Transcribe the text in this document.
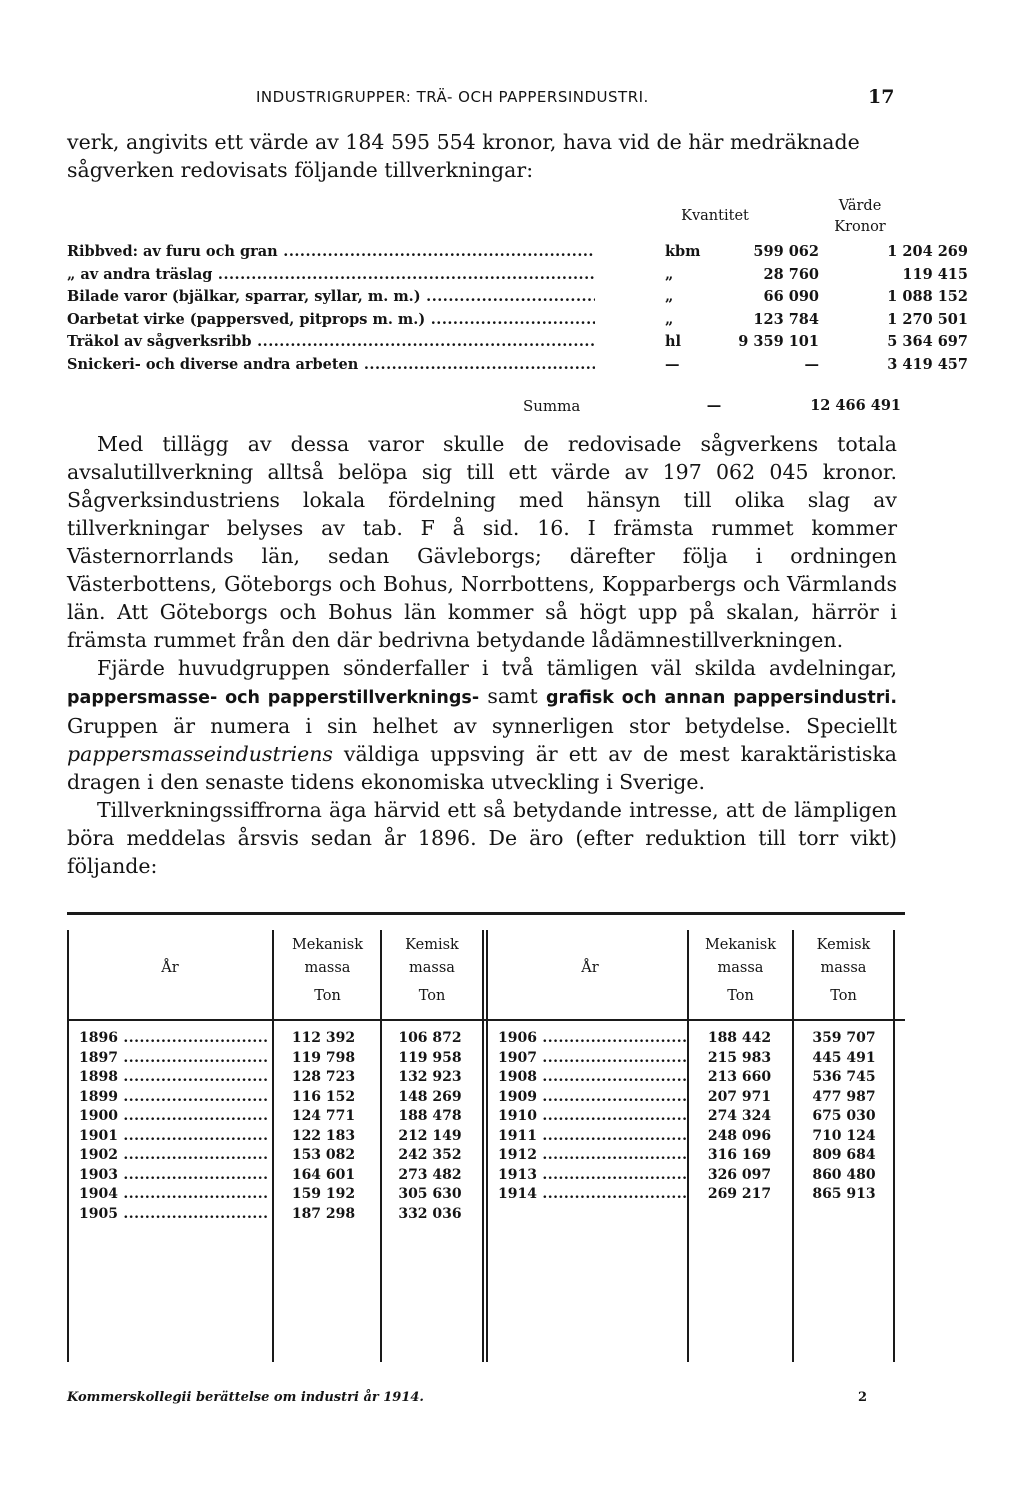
INDUSTRIGRUPPER: TRÄ- OCH PAPPERSINDUSTRI.	17
verk, angivits ett värde av 184 595 554 kronor, hava vid de här medräknade sågverken redovisats följande tillverkningar:
Kvantitet
Värde
Kronor
Ribbved: av furu och gran .....	kbm	599 062	1 204 269
„ av andra träslag .....	„	28 760	119 415
Bilade varor (bjälkar, sparrar, syllar, m. m.) .....	„	66 090	1 088 152
Oarbetat virke (pappersved, pitprops m. m.) .....	„	123 784	1 270 501
Träkol av sågverksribb .....	hl	9 359 101	5 364 697
Snickeri- och diverse andra arbeten .....	—	—	3 419 457
Summa	—	12 466 491

Med tillägg av dessa varor skulle de redovisade sågverkens totala avsalutillverkning alltså belöpa sig till ett värde av 197 062 045 kronor. Sågverksindustriens lokala fördelning med hänsyn till olika slag av tillverkningar belyses av tab. F å sid. 16. I främsta rummet kommer Västernorrlands län, sedan Gävleborgs; därefter följa i ordningen Västerbottens, Göteborgs och Bohus, Norrbottens, Kopparbergs och Värmlands län. Att Göteborgs och Bohus län kommer så högt upp på skalan, härrör i främsta rummet från den där bedrivna betydande lådämnestillverkningen.

Fjärde huvudgruppen sönderfaller i två tämligen väl skilda avdelningar, pappersmasse- och papperstillverknings- samt grafisk och annan pappersindustri. Gruppen är numera i sin helhet av synnerligen stor betydelse. Speciellt pappersmasseindustriens väldiga uppsving är ett av de mest karaktäristiska dragen i den senaste tidens ekonomiska utveckling i Sverige.

Tillverkningssiffrorna äga härvid ett så betydande intresse, att de lämpligen böra meddelas årsvis sedan år 1896. De äro (efter reduktion till torr vikt) följande:

År
Mekanisk
massa
Ton
Kemisk
massa
Ton
År
Mekanisk
massa
Ton
Kemisk
massa
Ton
1896 .....	112 392	106 872
1897 .....	119 798	119 958
1898 .....	128 723	132 923
1899 .....	116 152	148 269
1900 .....	124 771	188 478
1901 .....	122 183	212 149
1902 .....	153 082	242 352
1903 .....	164 601	273 482
1904 .....	159 192	305 630
1905 .....	187 298	332 036
1906 .....	188 442	359 707
1907 .....	215 983	445 491
1908 .....	213 660	536 745
1909 .....	207 971	477 987
1910 .....	274 324	675 030
1911 .....	248 096	710 124
1912 .....	316 169	809 684
1913 .....	326 097	860 480
1914 .....	269 217	865 913
Kommerskollegii berättelse om industri år 1914.	2
